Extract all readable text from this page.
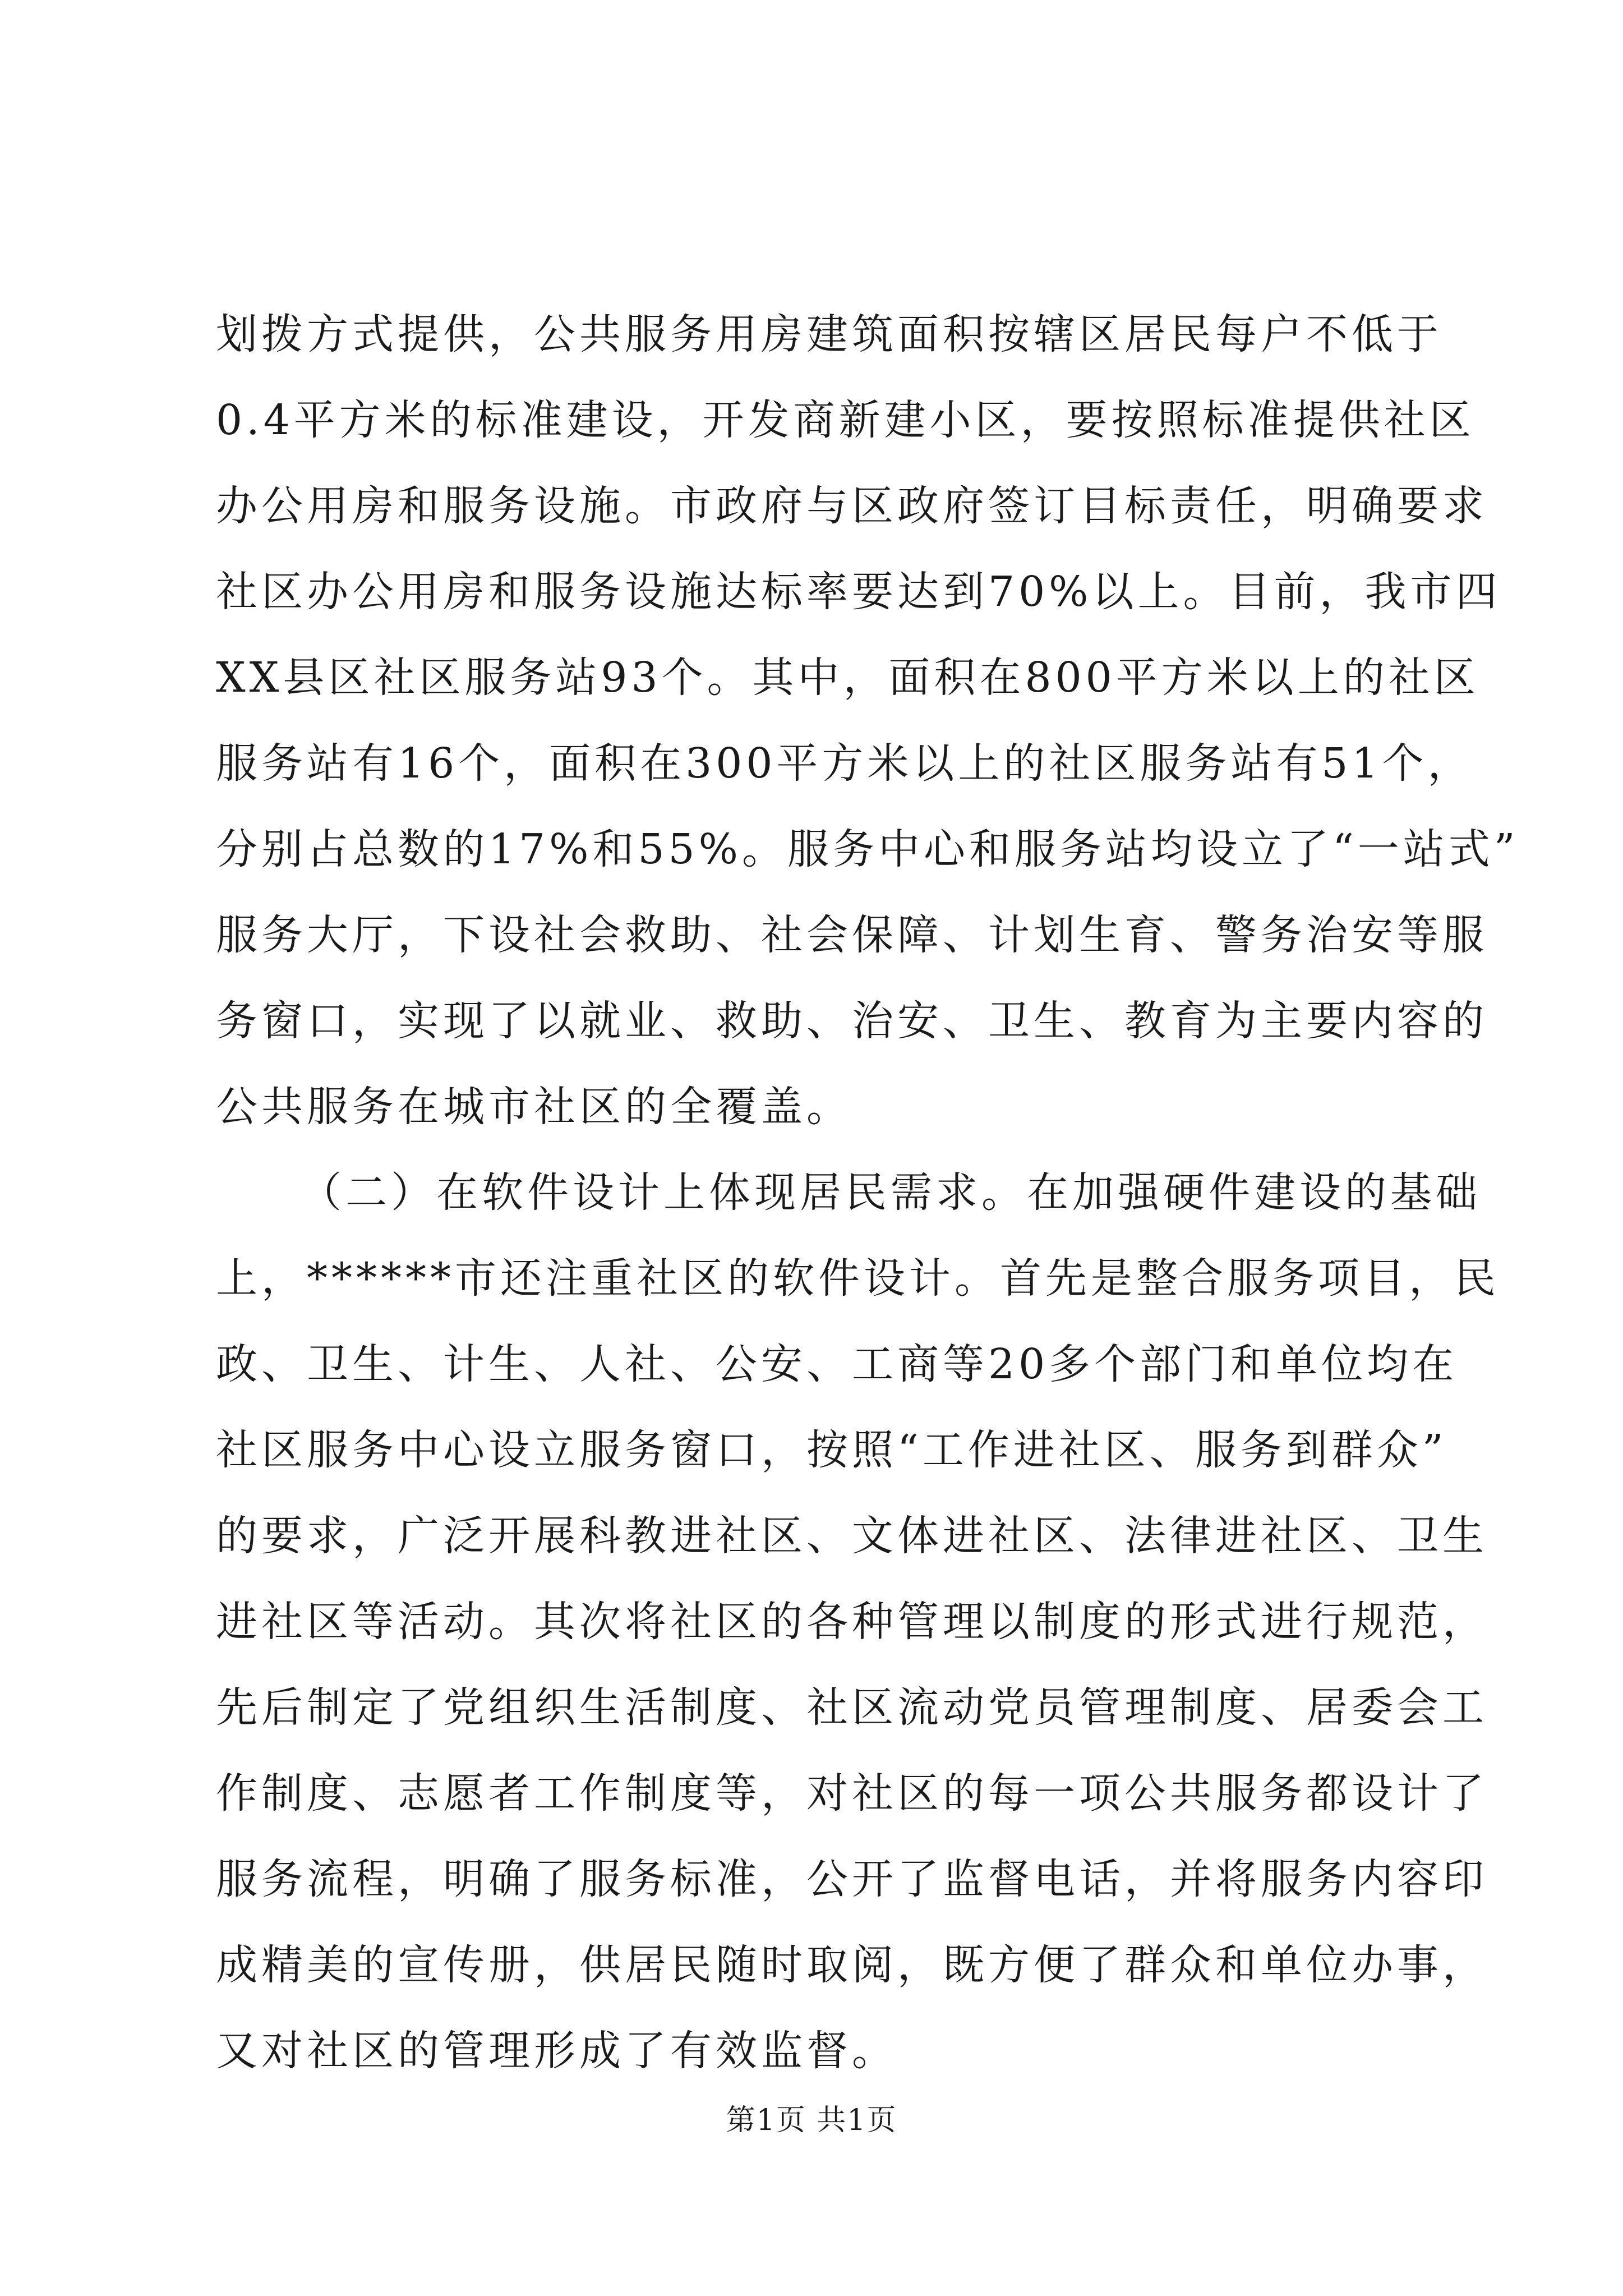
划拨方式提供，公共服务用房建筑面积按辖区居民每户不低于
0.4平方米的标准建设，开发商新建小区，要按照标准提供社区
办公用房和服务设施。市政府与区政府签订目标责任，明确要求
社区办公用房和服务设施达标率要达到70%以上。目前，我市四
XX县区社区服务站93个。其中，面积在800平方米以上的社区
服务站有16个，面积在300平方米以上的社区服务站有51个，
分别占总数的17%和55%。服务中心和服务站均设立了“一站式”
服务大厅，下设社会救助、社会保障、计划生育、警务治安等服
务窗口，实现了以就业、救助、治安、卫生、教育为主要内容的
公共服务在城市社区的全覆盖。
（二）在软件设计上体现居民需求。在加强硬件建设的基础
上，******市还注重社区的软件设计。首先是整合服务项目，民
政、卫生、计生、人社、公安、工商等20多个部门和单位均在
社区服务中心设立服务窗口，按照“工作进社区、服务到群众”
的要求，广泛开展科教进社区、文体进社区、法律进社区、卫生
进社区等活动。其次将社区的各种管理以制度的形式进行规范，
先后制定了党组织生活制度、社区流动党员管理制度、居委会工
作制度、志愿者工作制度等，对社区的每一项公共服务都设计了
服务流程，明确了服务标准，公开了监督电话，并将服务内容印
成精美的宣传册，供居民随时取阅，既方便了群众和单位办事，
又对社区的管理形成了有效监督。
第1页 共1页
